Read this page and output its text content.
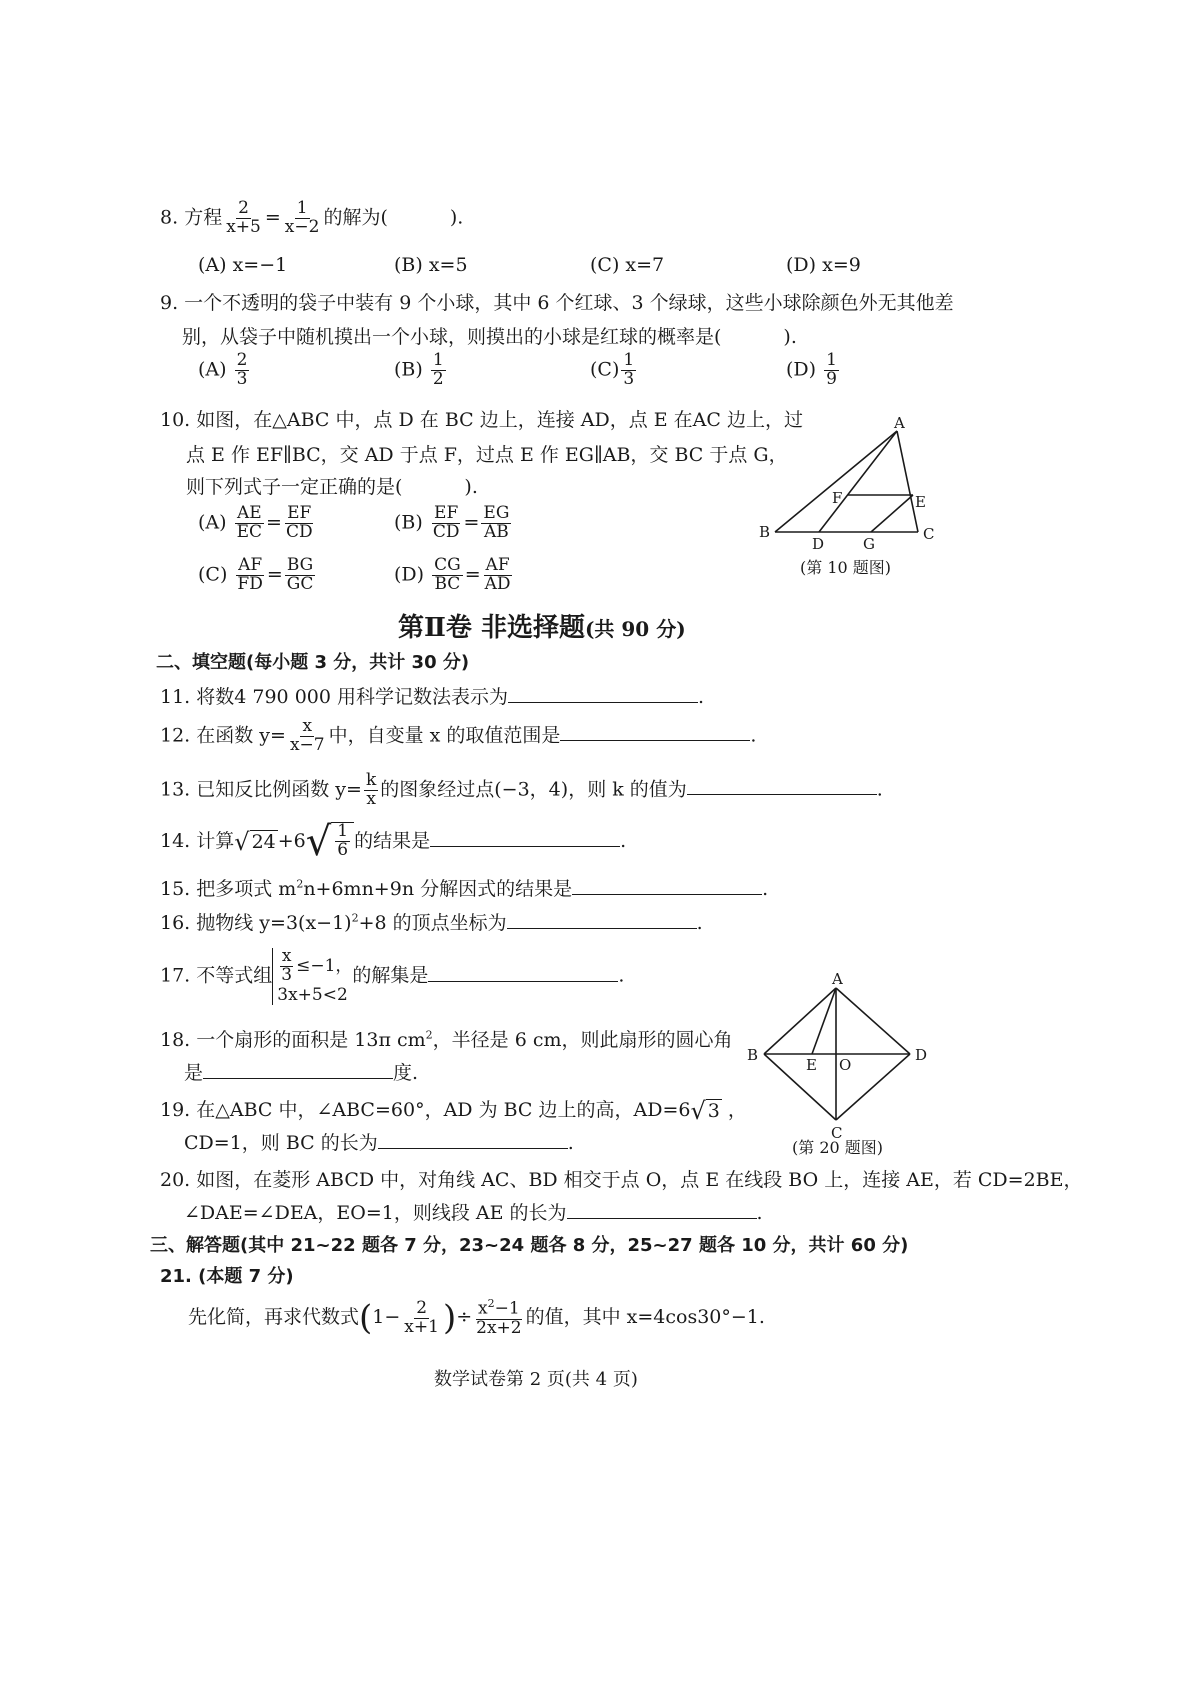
8. 方程 $\frac{2}{x+5} = \frac{1}{x-2}$ 的解为(	).
(A) x=−1	(B) x=5	(C) x=7	(D) x=9
9. 一个不透明的袋子中装有 9 个小球，其中 6 个红球、3 个绿球，这些小球除颜色外无其他差
别，从袋子中随机摸出一个小球，则摸出的小球是红球的概率是(	).
$(A) \frac{2}{3}$	$(B) \frac{1}{2}$	$(C) \frac{1}{3}$	$(D) \frac{1}{9}$
10. 如图，在△ABC 中，点 D 在 BC 边上，连接 AD，点 E 在AC 边上，过
点 E 作 EF∥BC，交 AD 于点 F，过点 E 作 EG∥AB，交 BC 于点 G，
则下列式子一定正确的是(	).
$(A) \frac{AE}{EC} = \frac{EF}{CD}$	$(B) \frac{EF}{CD} = \frac{EG}{AB}$
$(C) \frac{AF}{FD} = \frac{BG}{GC}$	$(D) \frac{CG}{BC} = \frac{AF}{AD}$
A
B	C
D
E
F
G
(第 10 题图)
第Ⅱ卷 非选择题(共 90 分)
二、填空题(每小题 3 分，共计 30 分)
11. 将数4 790 000 用科学记数法表示为	.
12. 在函数 $y= \frac{x}{x-7}$ 中，自变量 x 的取值范围是	.
13. 已知反比例函数 $y= \frac{k}{x}$ 的图象经过点(−3，4)，则 k 的值为	.
14. 计算 √ 24 +6 √ $\frac{1}{6}$ 的结果是	.
15. 把多项式 $m^2n+6mn+9n$ 分解因式的结果是	.
16. 抛物线 $y=3(x-1)^2+8$ 的顶点坐标为	.
17. 不等式组 $\frac{x}{3} \le-1$，
3x+5<2的解集是	.
18. 一个扇形的面积是 13π $cm^2$，半径是 6 cm，则此扇形的圆心角
是	度.
A
B
C
D
E O
(第 20 题图)
19. 在△ABC 中，∠ABC=60°，AD 为 BC 边上的高，AD=6 √ 3 ，
CD=1，则 BC 的长为	.
20. 如图，在菱形 ABCD 中，对角线 AC、BD 相交于点 O，点 E 在线段 BO 上，连接 AE，若 CD=2BE，
∠DAE=∠DEA，EO=1，则线段 AE 的长为	.
三、解答题(其中 21~22 题各 7 分，23~24 题各 8 分，25~27 题各 10 分，共计 60 分)
21. (本题 7 分)
先化简，再求代数式($1- \frac{2}{x+1}$ )÷ $\frac{x^2-1}{2x+2}$ 的值，其中 x=4cos30°−1.
数学试卷第 2 页(共 4 页)
